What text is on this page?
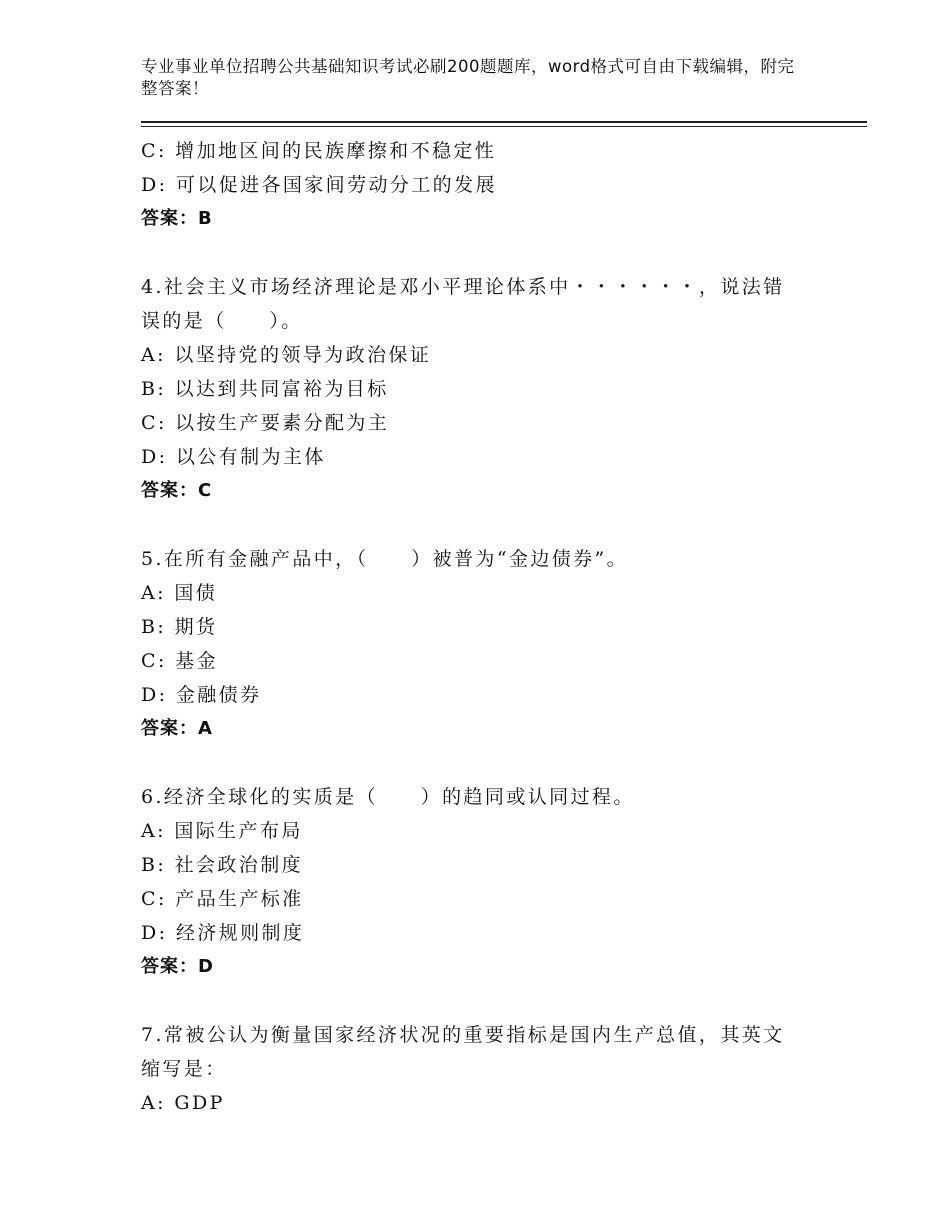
专业事业单位招聘公共基础知识考试必刷200题题库，word格式可自由下载编辑，附完整答案！
C: 增加地区间的民族摩擦和不稳定性
D: 可以促进各国家间劳动分工的发展
答案：B
4.社会主义市场经济理论是邓小平理论体系中・・・・・・，说法错误的是（　　）。
A: 以坚持党的领导为政治保证
B: 以达到共同富裕为目标
C: 以按生产要素分配为主
D: 以公有制为主体
答案：C
5.在所有金融产品中，（　　）被普为“金边债券”。
A: 国债
B: 期货
C: 基金
D: 金融债券
答案：A
6.经济全球化的实质是（　　）的趋同或认同过程。
A: 国际生产布局
B: 社会政治制度
C: 产品生产标准
D: 经济规则制度
答案：D
7.常被公认为衡量国家经济状况的重要指标是国内生产总值，其英文缩写是：
A: GDP
